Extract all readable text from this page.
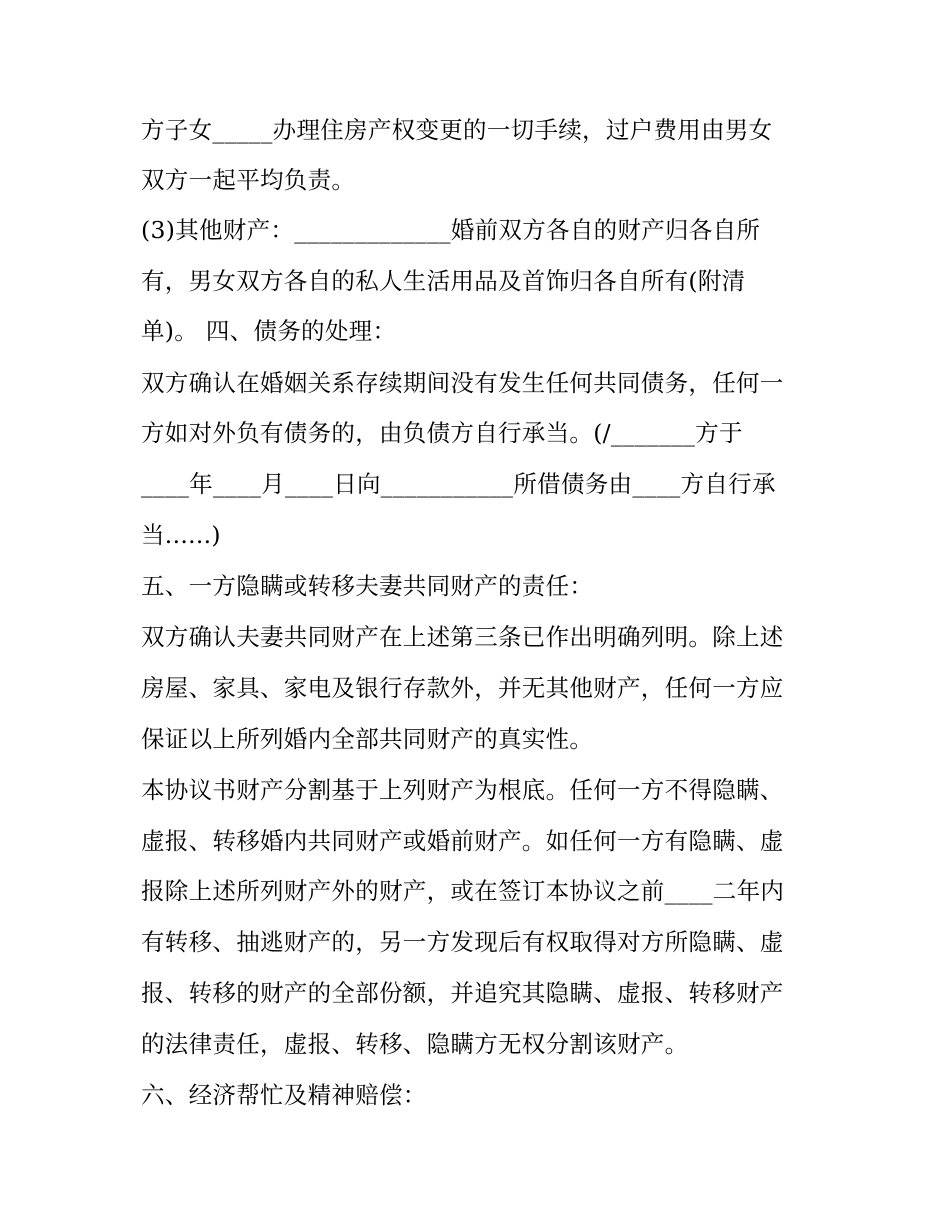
方子女_____办理住房产权变更的一切手续，过户费用由男女
双方一起平均负责。
(3)其他财产：_____________婚前双方各自的财产归各自所
有，男女双方各自的私人生活用品及首饰归各自所有(附清
单)。 四、债务的处理：
双方确认在婚姻关系存续期间没有发生任何共同债务，任何一
方如对外负有债务的，由负债方自行承当。(/_______方于
____年____月____日向___________所借债务由____方自行承
当......)
五、一方隐瞒或转移夫妻共同财产的责任：
双方确认夫妻共同财产在上述第三条已作出明确列明。除上述
房屋、家具、家电及银行存款外，并无其他财产，任何一方应
保证以上所列婚内全部共同财产的真实性。
本协议书财产分割基于上列财产为根底。任何一方不得隐瞒、
虚报、转移婚内共同财产或婚前财产。如任何一方有隐瞒、虚
报除上述所列财产外的财产，或在签订本协议之前____二年内
有转移、抽逃财产的，另一方发现后有权取得对方所隐瞒、虚
报、转移的财产的全部份额，并追究其隐瞒、虚报、转移财产
的法律责任，虚报、转移、隐瞒方无权分割该财产。
六、经济帮忙及精神赔偿：
